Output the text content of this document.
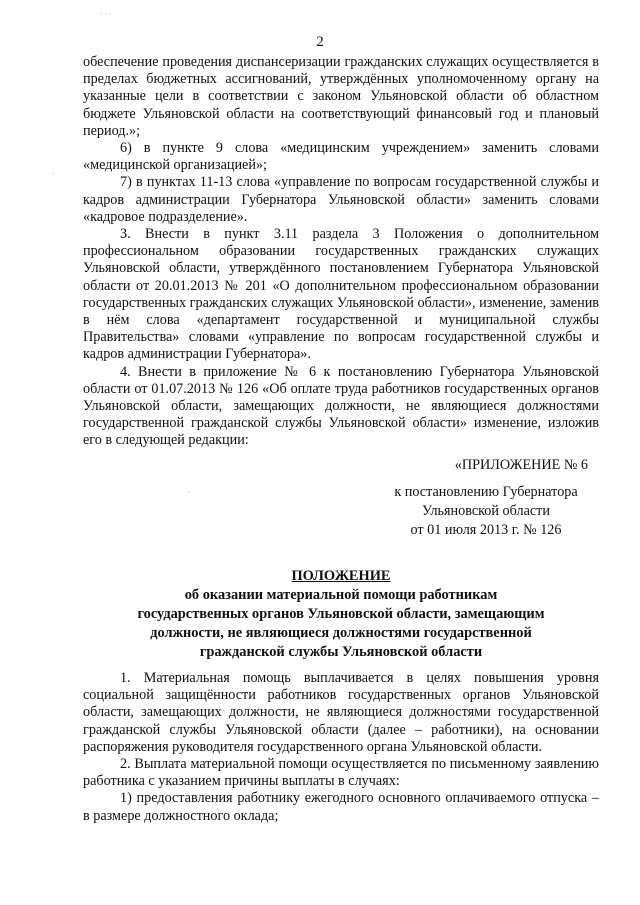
· · ·
·
·
2

обеспечение проведения диспансеризации гражданских служащих осуществляется в пределах бюджетных ассигнований, утверждённых уполномоченному органу на указанные цели в соответствии с законом Ульяновской области об областном бюджете Ульяновской области на соответствующий финансовый год и плановый период.»;

6) в пункте 9 слова «медицинским учреждением» заменить словами «медицинской организацией»;

7) в пунктах 11-13 слова «управление по вопросам государственной службы и кадров администрации Губернатора Ульяновской области» заменить словами «кадровое подразделение».

3. Внести в пункт 3.11 раздела 3 Положения о дополнительном профессиональном образовании государственных гражданских служащих Ульяновской области, утверждённого постановлением Губернатора Ульяновской области от 20.01.2013 № 201 «О дополнительном профессиональном образовании государственных гражданских служащих Ульяновской области», изменение, заменив в нём слова «департамент государственной и муниципальной службы Правительства» словами «управление по вопросам государственной службы и кадров администрации Губернатора».

4. Внести в приложение № 6 к постановлению Губернатора Ульяновской области от 01.07.2013 № 126 «Об оплате труда работников государственных органов Ульяновской области, замещающих должности, не являющиеся должностями государственной гражданской службы Ульяновской области» изменение, изложив его в следующей редакции:

«ПРИЛОЖЕНИЕ № 6
к постановлению Губернатора
Ульяновской области
от 01 июля 2013 г. № 126
ПОЛОЖЕНИЕ
об оказании материальной помощи работникам
государственных органов Ульяновской области, замещающим
должности, не являющиеся должностями государственной
гражданской службы Ульяновской области

1. Материальная помощь выплачивается в целях повышения уровня социальной защищённости работников государственных органов Ульяновской области, замещающих должности, не являющиеся должностями государственной гражданской службы Ульяновской области (далее – работники), на основании распоряжения руководителя государственного органа Ульяновской области.

2. Выплата материальной помощи осуществляется по письменному заявлению работника с указанием причины выплаты в случаях:

1) предоставления работнику ежегодного основного оплачиваемого отпуска – в размере должностного оклада;
